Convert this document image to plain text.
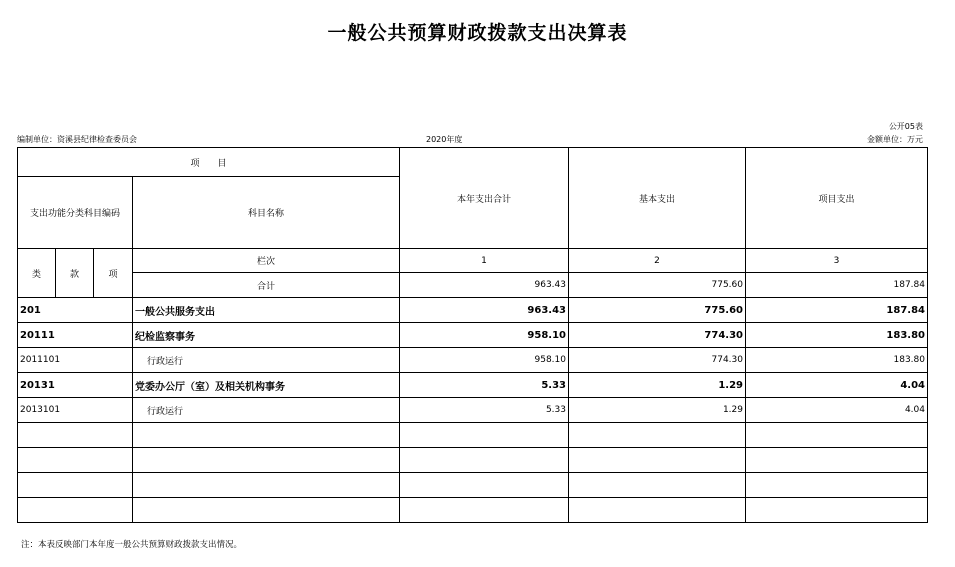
一般公共预算财政拨款支出决算表
公开05表
编制单位：资溪县纪律检查委员会	2020年度	金额单位：万元
项　　目				本年支出合计	基本支出	项目支出
支出功能分类科目编码			科目名称			
类	款	项	栏次	1	2	3
			合计	963.43	775.60	187.84
201			一般公共服务支出	963.43	775.60	187.84
20111			纪检监察事务	958.10	774.30	183.80
2011101			行政运行	958.10	774.30	183.80
20131			党委办公厅（室）及相关机构事务	5.33	1.29	4.04
2013101			行政运行	5.33	1.29	4.04

注：本表反映部门本年度一般公共预算财政拨款支出情况。
